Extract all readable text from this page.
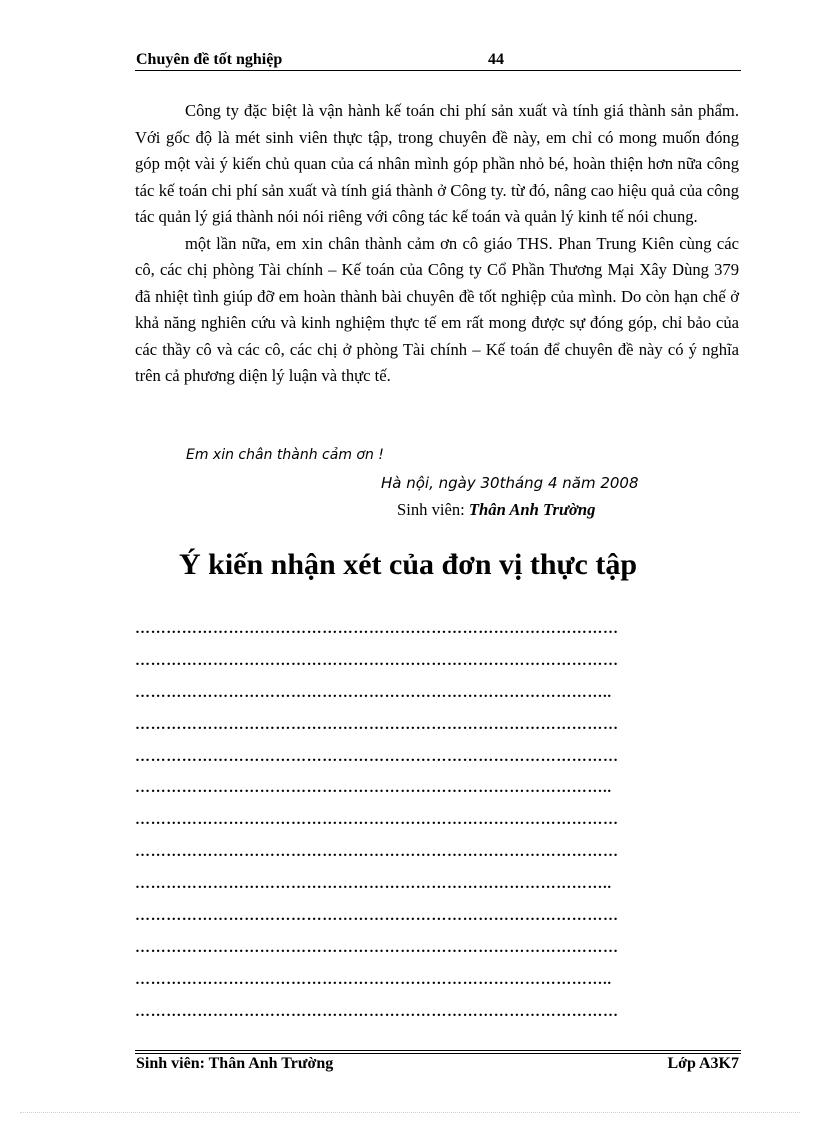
Chuyên đề tốt nghiệp	44

Công ty đặc biệt là vận hành kế toán chi phí sản xuất và tính giá thành sản phẩm. Với gốc độ là mét sinh viên thực tập, trong chuyên đề này, em chỉ có mong muốn đóng góp một vài ý kiến chủ quan của cá nhân mình góp phần nhỏ bé, hoàn thiện hơn nữa công tác kế toán chi phí sản xuất và tính giá thành ở Công ty. từ đó, nâng cao hiệu quả của công tác quản lý giá thành nói nói riêng với công tác kế toán và quản lý kinh tế nói chung.

một lần nữa, em xin chân thành cảm ơn cô giáo THS. Phan Trung Kiên cùng các cô, các chị phòng Tài chính – Kế toán của Công ty Cổ Phần Thương Mại Xây Dùng 379 đã nhiệt tình giúp đỡ em hoàn thành bài chuyên đề tốt nghiệp của mình. Do còn hạn chế ở khả năng nghiên cứu và kinh nghiệm thực tế em rất mong được sự đóng góp, chỉ bảo của các thầy cô và các cô, các chị ở phòng Tài chính – Kế toán để chuyên đề này có ý nghĩa trên cả phương diện lý luận và thực tế.

Em xin chân thành cảm ơn !
Hà nội, ngày 30tháng 4 năm 2008
Sinh viên: Thân Anh Trường
Ý kiến nhận xét của đơn vị thực tập
…………………………………………………………………………………
…………………………………………………………………………………
………………………………………………………………………………..
…………………………………………………………………………………
…………………………………………………………………………………
………………………………………………………………………………..
…………………………………………………………………………………
…………………………………………………………………………………
………………………………………………………………………………..
…………………………………………………………………………………
…………………………………………………………………………………
………………………………………………………………………………..
…………………………………………………………………………………
Sinh viên: Thân Anh Trường	Lớp A3K7
